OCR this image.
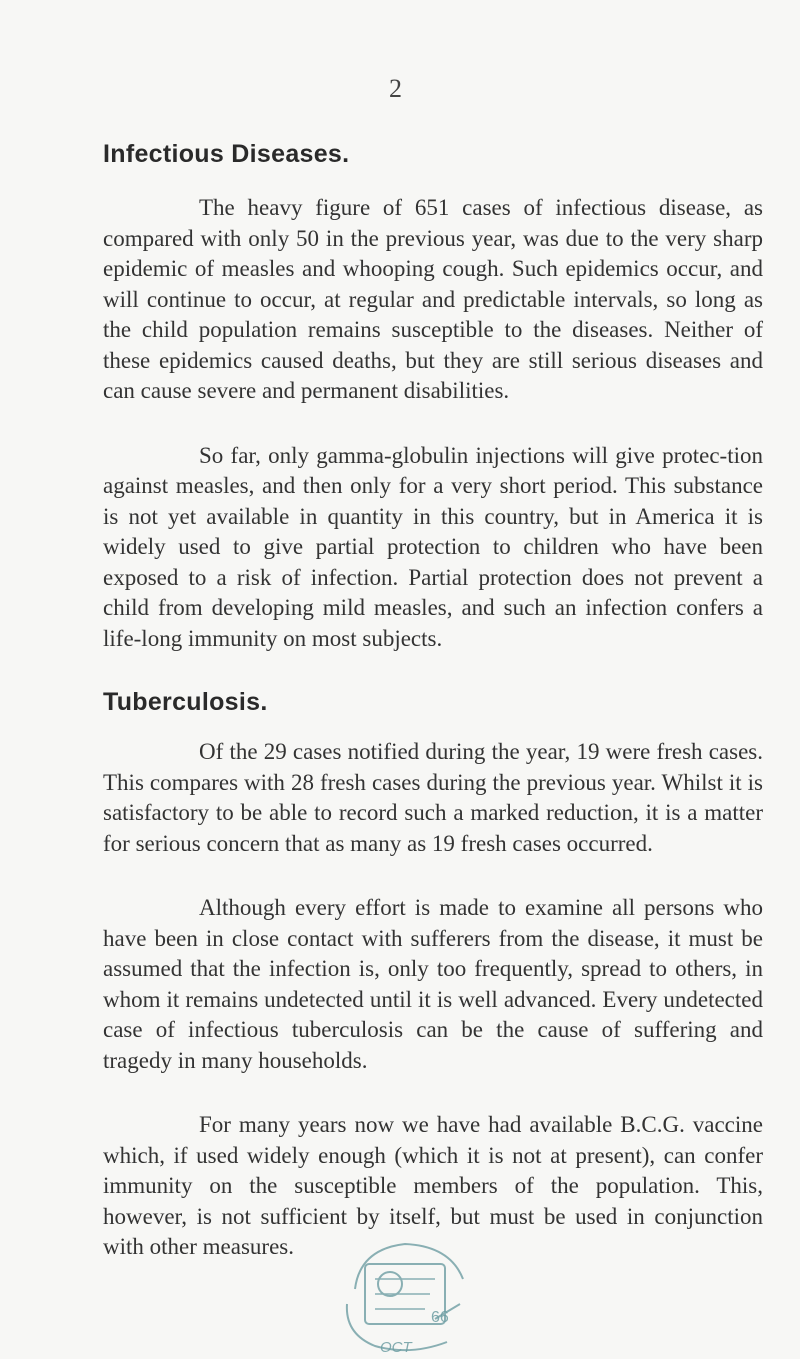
2
Infectious Diseases.

The heavy figure of 651 cases of infectious disease, as compared with only 50 in the previous year, was due to the very sharp epidemic of measles and whooping cough. Such epidemics occur, and will continue to occur, at regular and predictable intervals, so long as the child population remains susceptible to the diseases. Neither of these epidemics caused deaths, but they are still serious diseases and can cause severe and permanent disabilities.

So far, only gamma-globulin injections will give protec-tion against measles, and then only for a very short period. This substance is not yet available in quantity in this country, but in America it is widely used to give partial protection to children who have been exposed to a risk of infection. Partial protection does not prevent a child from developing mild measles, and such an infection confers a life-long immunity on most subjects.

Tuberculosis.

Of the 29 cases notified during the year, 19 were fresh cases. This compares with 28 fresh cases during the previous year. Whilst it is satisfactory to be able to record such a marked reduction, it is a matter for serious concern that as many as 19 fresh cases occurred.

Although every effort is made to examine all persons who have been in close contact with sufferers from the disease, it must be assumed that the infection is, only too frequently, spread to others, in whom it remains undetected until it is well advanced. Every undetected case of infectious tuberculosis can be the cause of suffering and tragedy in many households.

For many years now we have had available B.C.G. vaccine which, if used widely enough (which it is not at present), can confer immunity on the susceptible members of the population. This, however, is not sufficient by itself, but must be used in conjunction with other measures.

66
OCT
